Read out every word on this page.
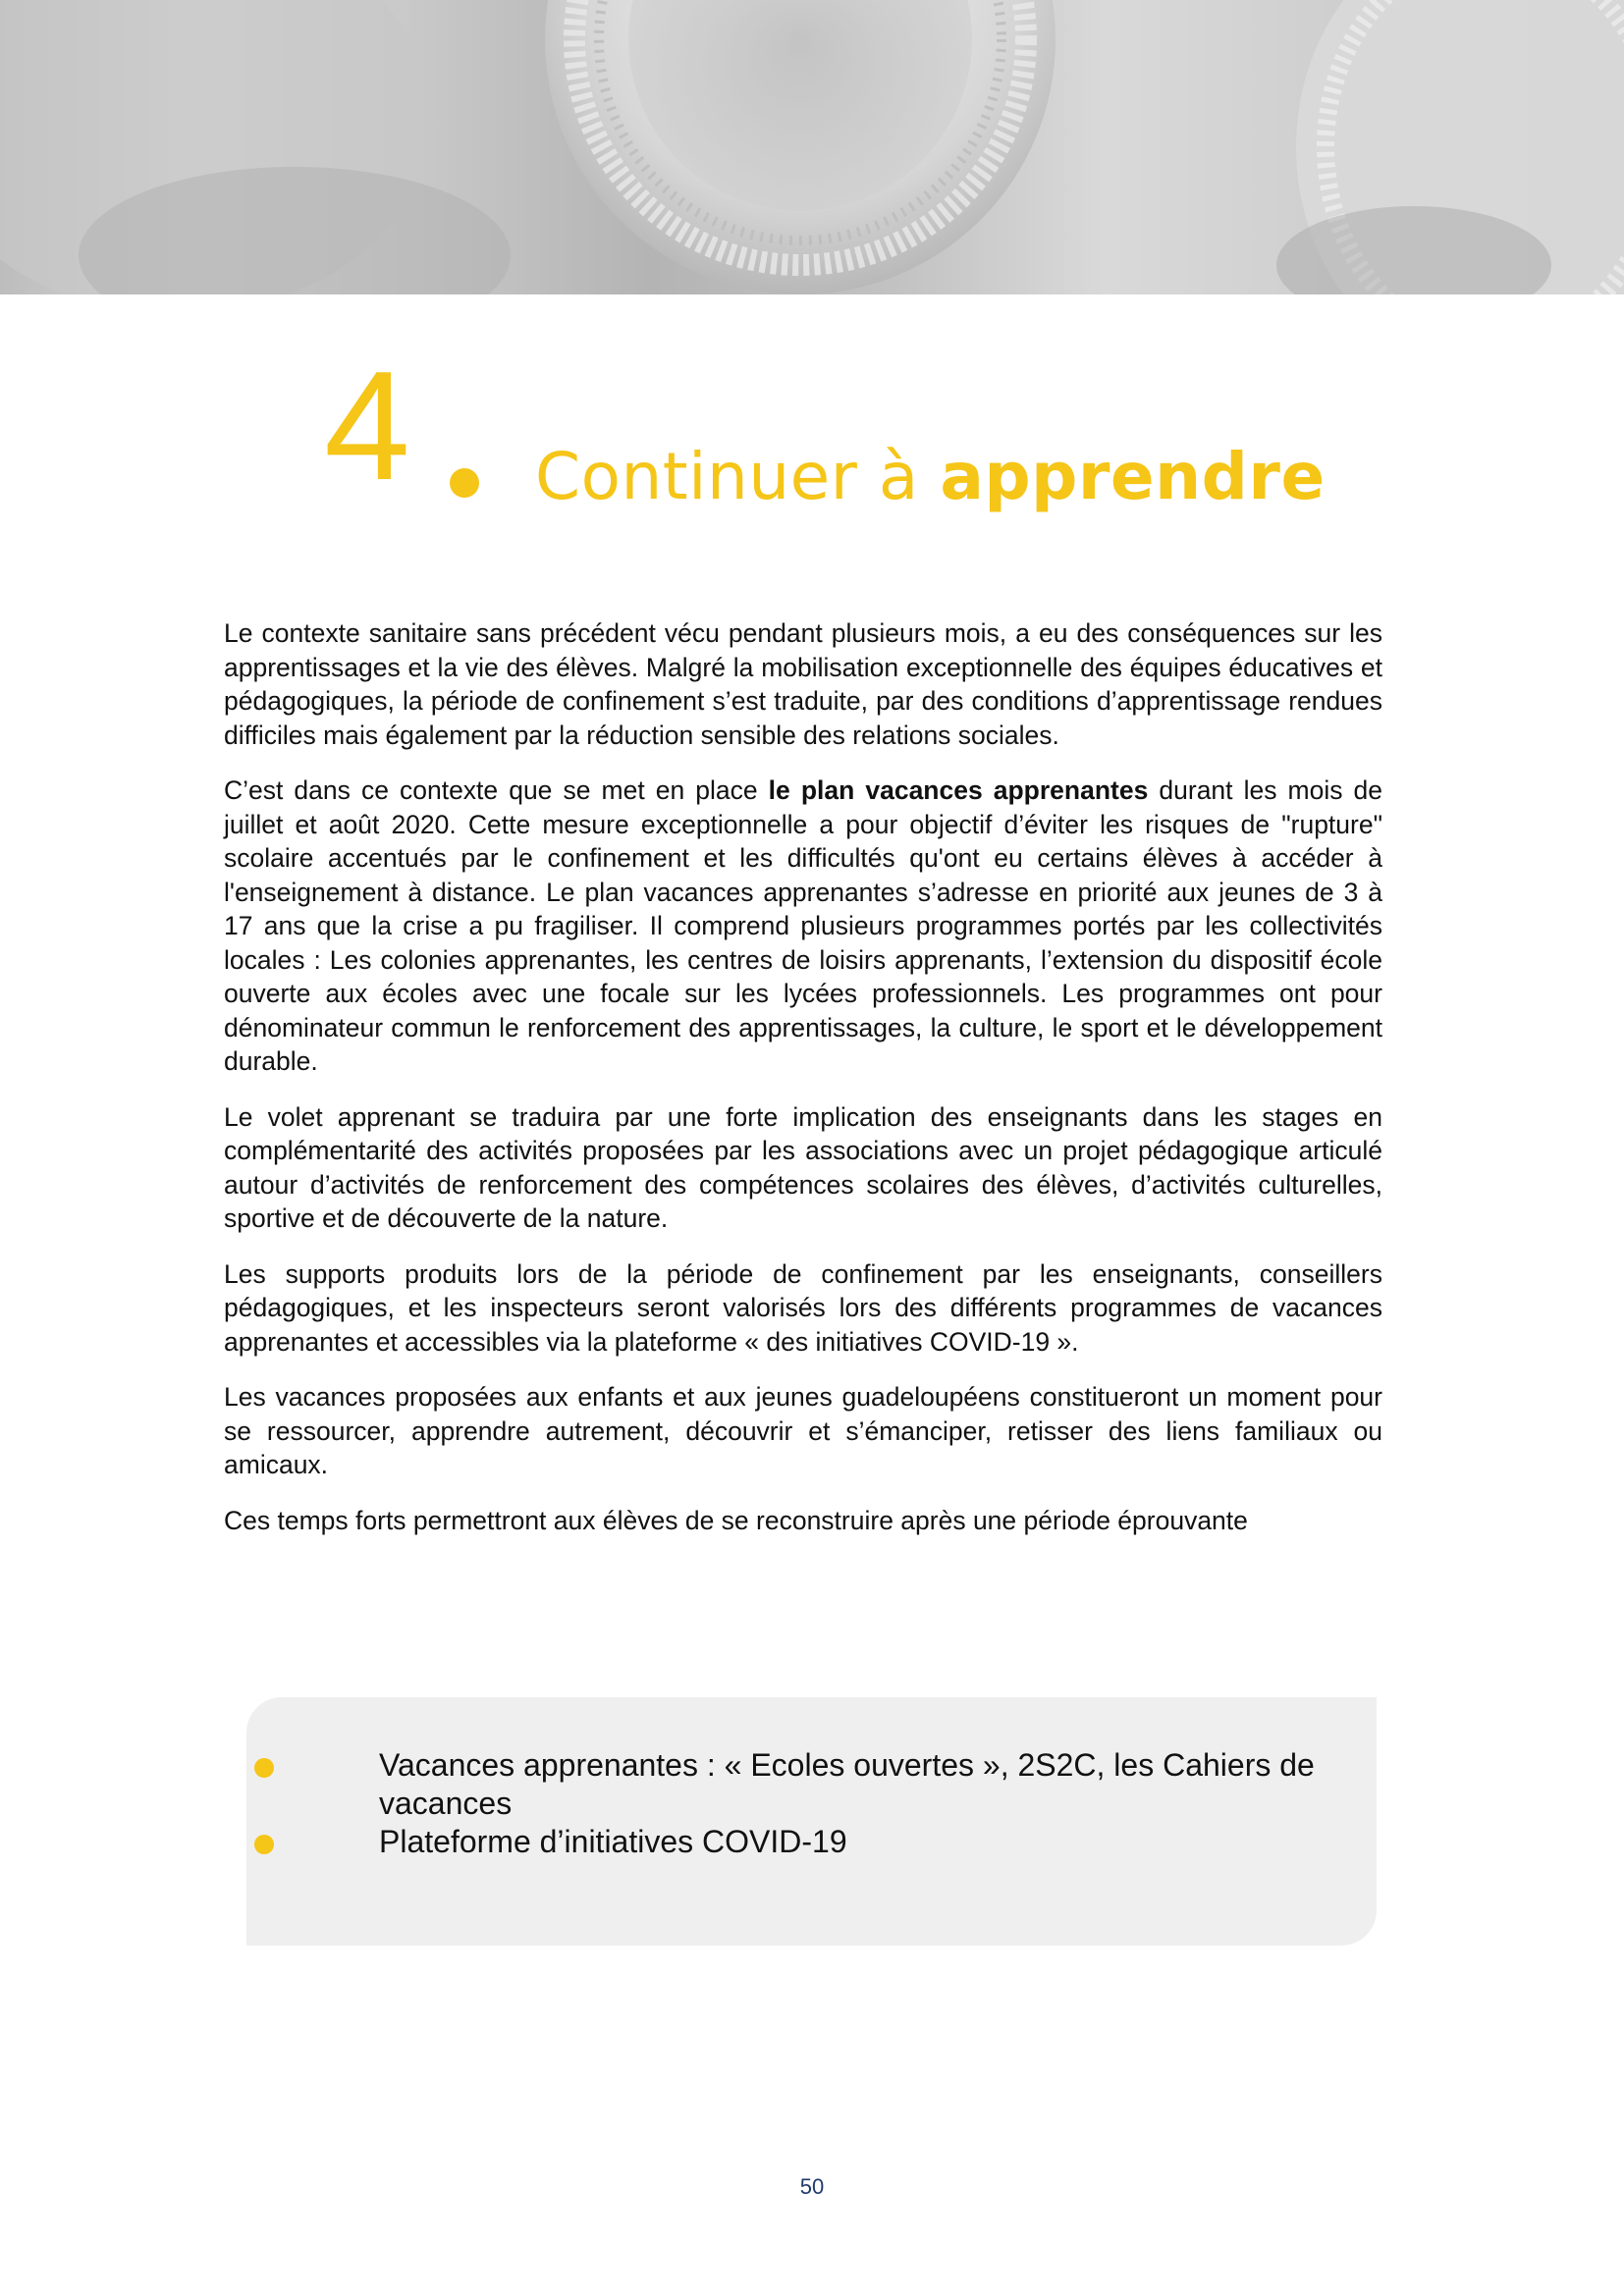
4 Continuer à apprendre

Le contexte sanitaire sans précédent vécu pendant plusieurs mois, a eu des conséquences sur les apprentissages et la vie des élèves. Malgré la mobilisation exceptionnelle des équipes éducatives et pédagogiques, la période de confinement s’est traduite, par des conditions d’apprentissage rendues difficiles mais également par la réduction sensible des relations sociales.

C’est dans ce contexte que se met en place le plan vacances apprenantes durant les mois de juillet et août 2020. Cette mesure exceptionnelle a pour objectif d’éviter les risques de "rupture" scolaire accentués par le confinement et les difficultés qu'ont eu certains élèves à accéder à l'enseignement à distance. Le plan vacances apprenantes s’adresse en priorité aux jeunes de 3 à 17 ans que la crise a pu fragiliser. Il comprend plusieurs programmes portés par les collectivités locales : Les colonies apprenantes, les centres de loisirs apprenants, l’extension du dispositif école ouverte aux écoles avec une focale sur les lycées professionnels. Les programmes ont pour dénominateur commun le renforcement des apprentissages, la culture, le sport et le développement durable.

Le volet apprenant se traduira par une forte implication des enseignants dans les stages en complémentarité des activités proposées par les associations avec un projet pédagogique articulé autour d’activités de renforcement des compétences scolaires des élèves, d’activités culturelles, sportive et de découverte de la nature.

Les supports produits lors de la période de confinement par les enseignants, conseillers pédagogiques, et les inspecteurs seront valorisés lors des différents programmes de vacances apprenantes et accessibles via la plateforme « des initiatives COVID-19 ».

Les vacances proposées aux enfants et aux jeunes guadeloupéens constitueront un moment pour se ressourcer, apprendre autrement, découvrir et s’émanciper, retisser des liens familiaux ou amicaux.

Ces temps forts permettront aux élèves de se reconstruire après une période éprouvante

Vacances apprenantes : « Ecoles ouvertes », 2S2C, les Cahiers de vacances
Plateforme d’initiatives COVID-19
50
